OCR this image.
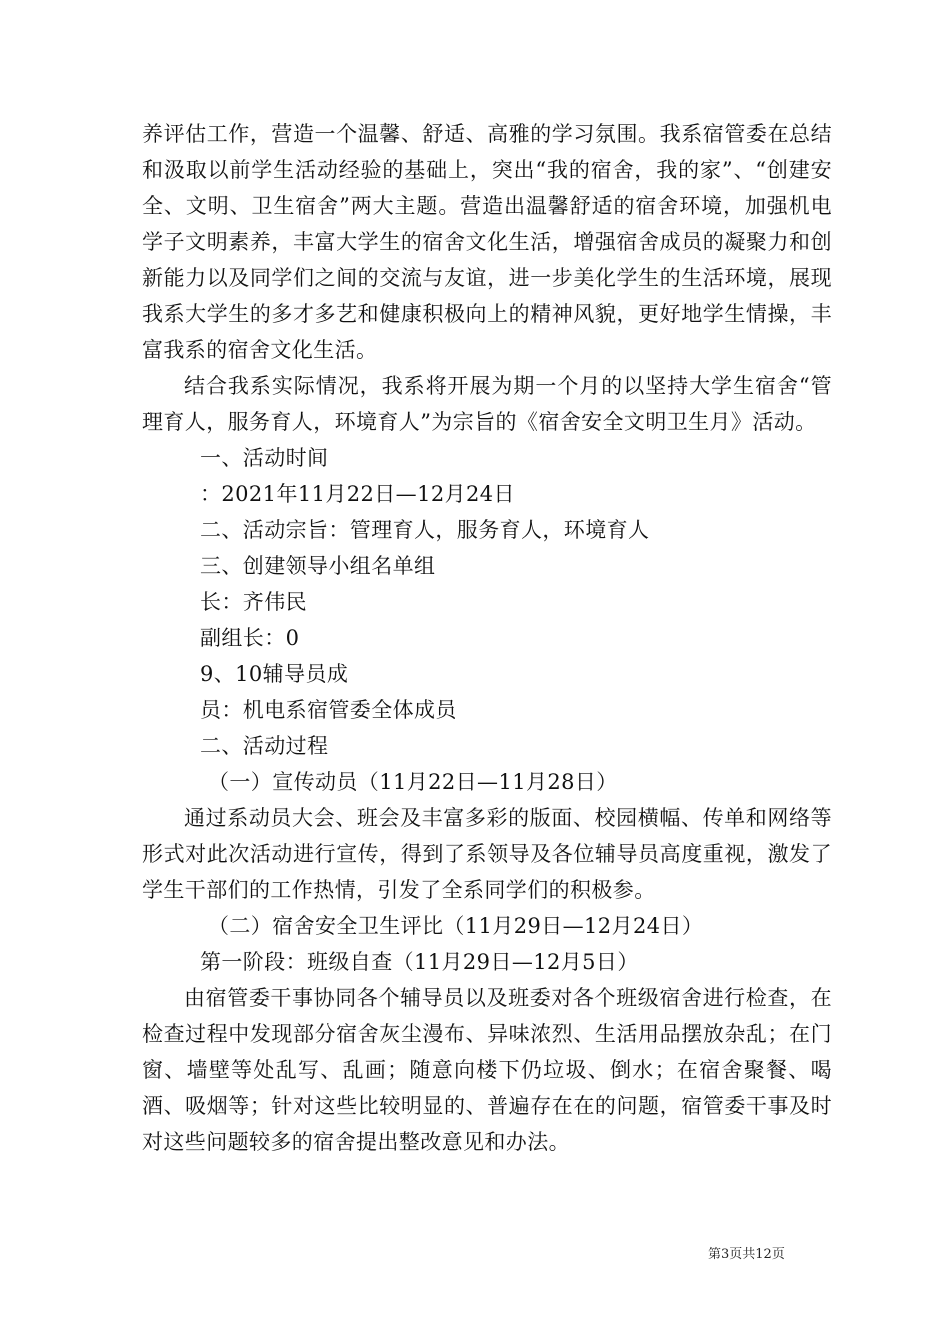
养评估工作，营造一个温馨、舒适、高雅的学习氛围。我系宿管委在总结和汲取以前学生活动经验的基础上，突出“我的宿舍，我的家”、“创建安全、文明、卫生宿舍”两大主题。营造出温馨舒适的宿舍环境，加强机电学子文明素养，丰富大学生的宿舍文化生活，增强宿舍成员的凝聚力和创新能力以及同学们之间的交流与友谊，进一步美化学生的生活环境，展现我系大学生的多才多艺和健康积极向上的精神风貌，更好地学生情操，丰富我系的宿舍文化生活。

结合我系实际情况，我系将开展为期一个月的以坚持大学生宿舍“管理育人，服务育人，环境育人”为宗旨的《宿舍安全文明卫生月》活动。

一、活动时间

：2021年11月22日—12月24日

二、活动宗旨：管理育人，服务育人，环境育人

三、创建领导小组名单组

长：齐伟民

副组长：0

9、10辅导员成

员：机电系宿管委全体成员

二、活动过程

（一）宣传动员（11月22日—11月28日）

通过系动员大会、班会及丰富多彩的版面、校园横幅、传单和网络等形式对此次活动进行宣传，得到了系领导及各位辅导员高度重视，激发了学生干部们的工作热情，引发了全系同学们的积极参。

（二）宿舍安全卫生评比（11月29日—12月24日）

第一阶段：班级自查（11月29日—12月5日）

由宿管委干事协同各个辅导员以及班委对各个班级宿舍进行检查，在检查过程中发现部分宿舍灰尘漫布、异味浓烈、生活用品摆放杂乱；在门窗、墙壁等处乱写、乱画；随意向楼下仍垃圾、倒水；在宿舍聚餐、喝酒、吸烟等；针对这些比较明显的、普遍存在在的问题，宿管委干事及时对这些问题较多的宿舍提出整改意见和办法。

第3页共12页
